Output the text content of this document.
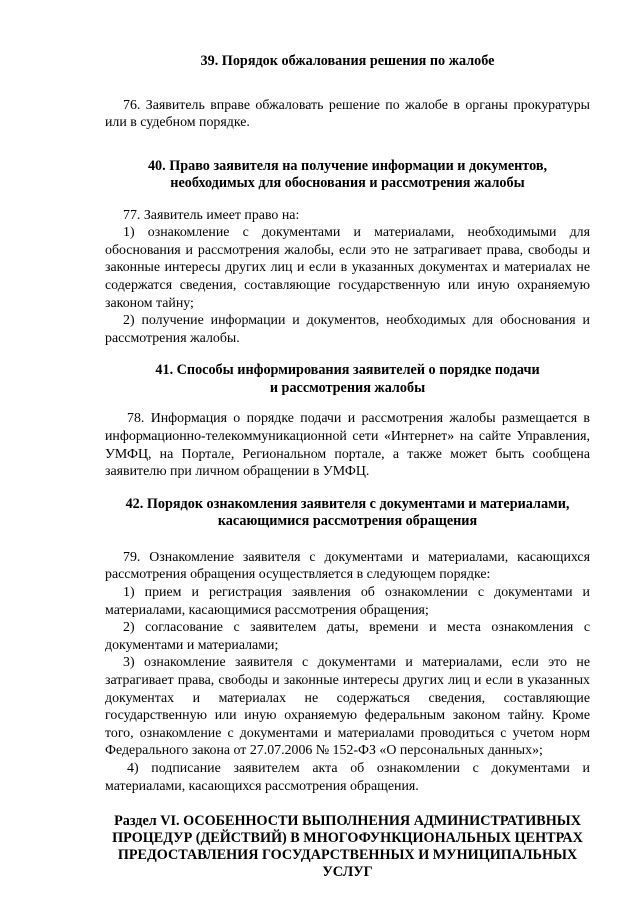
39. Порядок обжалования решения по жалобе

76. Заявитель вправе обжаловать решение по жалобе в органы прокуратуры или в судебном порядке.

40. Право заявителя на получение информации и документов,
необходимых для обоснования и рассмотрения жалобы

77. Заявитель имеет право на:

1) ознакомление с документами и материалами, необходимыми для обоснования и рассмотрения жалобы, если это не затрагивает права, свободы и законные интересы других лиц и если в указанных документах и материалах не содержатся сведения, составляющие государственную или иную охраняемую законом тайну;

2) получение информации и документов, необходимых для обоснования и рассмотрения жалобы.

41. Способы информирования заявителей о порядке подачи
и рассмотрения жалобы

78. Информация о порядке подачи и рассмотрения жалобы размещается в информационно-телекоммуникационной сети «Интернет» на сайте Управления, УМФЦ, на Портале, Региональном портале, а также может быть сообщена заявителю при личном обращении в УМФЦ.

42. Порядок ознакомления заявителя с документами и материалами,
касающимися рассмотрения обращения

79. Ознакомление заявителя с документами и материалами, касающихся рассмотрения обращения осуществляется в следующем порядке:

1) прием и регистрация заявления об ознакомлении с документами и материалами, касающимися рассмотрения обращения;

2) согласование с заявителем даты, времени и места ознакомления с документами и материалами;

3) ознакомление заявителя с документами и материалами, если это не затрагивает права, свободы и законные интересы других лиц и если в указанных документах и материалах не содержаться сведения, составляющие государственную или иную охраняемую федеральным законом тайну. Кроме того, ознакомление с документами и материалами проводиться с учетом норм Федерального закона от 27.07.2006 № 152-ФЗ «О персональных данных»;

4) подписание заявителем акта об ознакомлении с документами и материалами, касающихся рассмотрения обращения.

Раздел VI. ОСОБЕННОСТИ ВЫПОЛНЕНИЯ АДМИНИСТРАТИВНЫХ
ПРОЦЕДУР (ДЕЙСТВИЙ) В МНОГОФУНКЦИОНАЛЬНЫХ ЦЕНТРАХ
ПРЕДОСТАВЛЕНИЯ ГОСУДАРСТВЕННЫХ И МУНИЦИПАЛЬНЫХ
УСЛУГ
